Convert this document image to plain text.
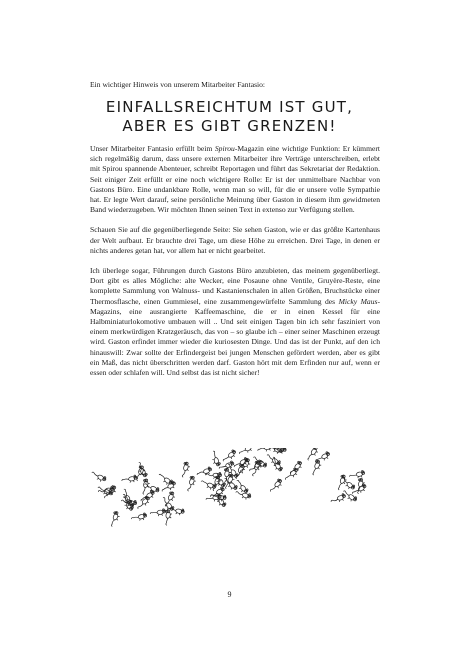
Ein wichtiger Hinweis von unserem Mitarbeiter Fantasio:
EINFALLSREICHTUM IST GUT,
ABER ES GIBT GRENZEN!

Unser Mitarbeiter Fantasio erfüllt beim Spirou-Magazin eine wichtige Funktion: Er kümmert sich regelmäßig darum, dass unsere externen Mitarbeiter ihre Verträge unterschreiben, erlebt mit Spirou spannende Abenteuer, schreibt Reportagen und führt das Sekretariat der Redaktion. Seit einiger Zeit erfüllt er eine noch wichtigere Rolle: Er ist der unmittelbare Nachbar von Gastons Büro. Eine undankbare Rolle, wenn man so will, für die er unsere volle Sympathie hat. Er legte Wert darauf, seine persönliche Meinung über Gaston in diesem ihm gewidmeten Band wiederzugeben. Wir möchten Ihnen seinen Text in extenso zur Verfügung stellen.

Schauen Sie auf die gegenüberliegende Seite: Sie sehen Gaston, wie er das größte Kartenhaus der Welt aufbaut. Er brauchte drei Tage, um diese Höhe zu erreichen. Drei Tage, in denen er nichts anderes getan hat, vor allem hat er nicht gearbeitet.

Ich überlege sogar, Führungen durch Gastons Büro anzubieten, das meinem gegenüberliegt. Dort gibt es alles Mögliche: alte Wecker, eine Posaune ohne Ventile, Gruyère-Reste, eine komplette Sammlung von Walnuss- und Kastanienschalen in allen Größen, Bruchstücke einer Thermosflasche, einen Gummiesel, eine zusammengewürfelte Sammlung des Micky Maus-Magazins, eine ausrangierte Kaffeemaschine, die er in einen Kessel für eine Halbminiaturlokomotive umbauen will .. Und seit einigen Tagen bin ich sehr fasziniert von einem merkwürdigen Kratzgeräusch, das von – so glaube ich – einer seiner Maschinen erzeugt wird. Gaston erfindet immer wieder die kuriosesten Dinge. Und das ist der Punkt, auf den ich hinauswill: Zwar sollte der Erfindergeist bei jungen Menschen gefördert werden, aber es gibt ein Maß, das nicht überschritten werden darf. Gaston hört mit dem Erfinden nur auf, wenn er essen oder schlafen will. Und selbst das ist nicht sicher!

9
